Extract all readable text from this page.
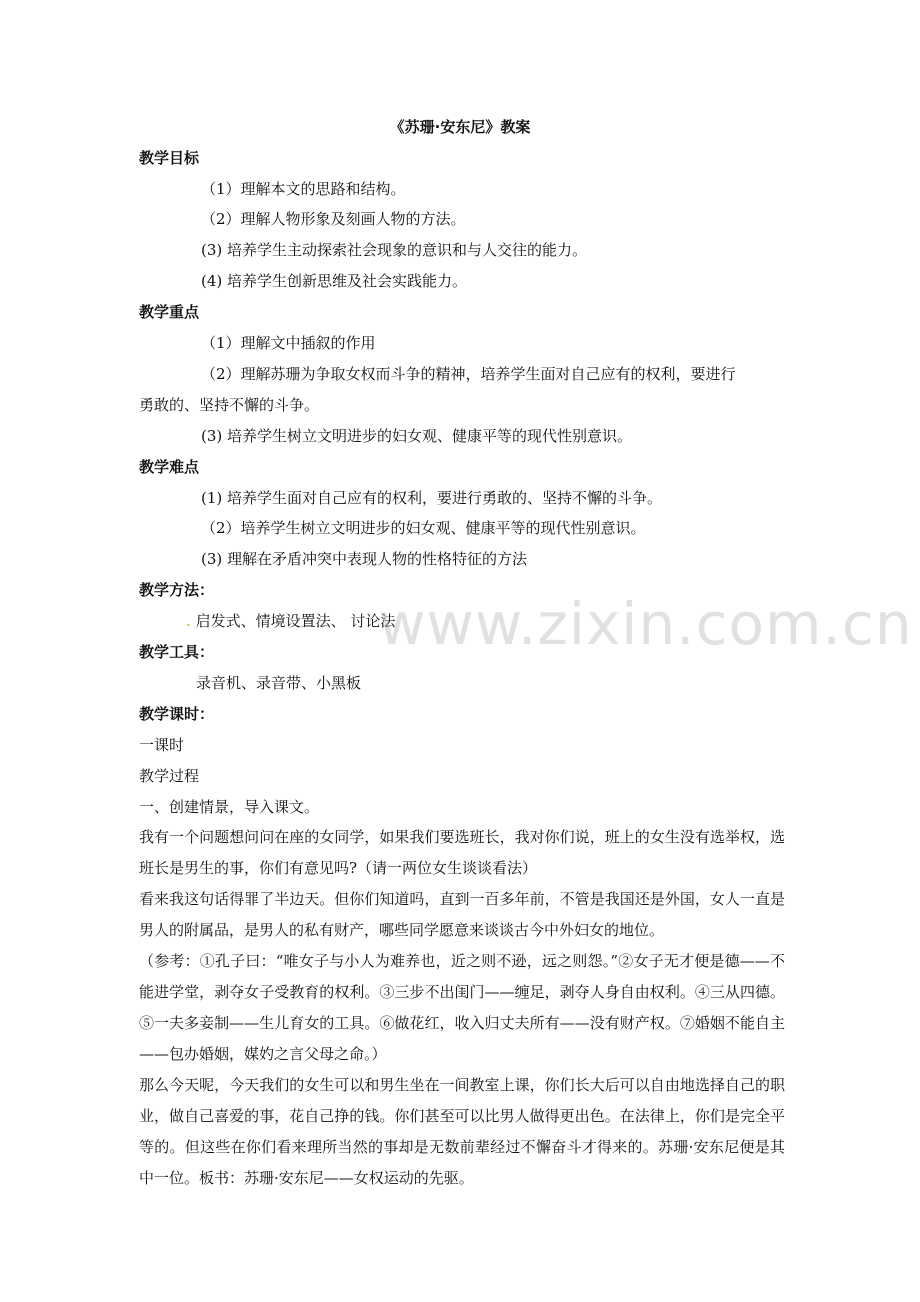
《苏珊·安东尼》教案
教学目标
（1）理解本文的思路和结构。
（2）理解人物形象及刻画人物的方法。
(3) 培养学生主动探索社会现象的意识和与人交往的能力。
(4) 培养学生创新思维及社会实践能力。
教学重点
（1）理解文中插叙的作用
（2）理解苏珊为争取女权而斗争的精神，培养学生面对自己应有的权利，要进行
勇敢的、坚持不懈的斗争。
(3) 培养学生树立文明进步的妇女观、健康平等的现代性别意识。
教学难点
(1) 培养学生面对自己应有的权利，要进行勇敢的、坚持不懈的斗争。
（2）培养学生树立文明进步的妇女观、健康平等的现代性别意识。
(3) 理解在矛盾冲突中表现人物的性格特征的方法
教学方法：
. 启发式、情境设置法、 讨论法
教学工具：
录音机、录音带、小黑板
教学课时：
一课时
教学过程
一、创建情景，导入课文。
我有一个问题想问问在座的女同学，如果我们要选班长，我对你们说，班上的女生没有选举权，选班长是男生的事，你们有意见吗?（请一两位女生谈谈看法）
看来我这句话得罪了半边天。但你们知道吗，直到一百多年前，不管是我国还是外国，女人一直是男人的附属品，是男人的私有财产，哪些同学愿意来谈谈古今中外妇女的地位。
（参考：①孔子曰：“唯女子与小人为难养也，近之则不逊，远之则怨。”②女子无才便是德——不能进学堂，剥夺女子受教育的权利。③三步不出闺门——缠足，剥夺人身自由权利。④三从四德。⑤一夫多妾制——生儿育女的工具。⑥做花红，收入归丈夫所有——没有财产权。⑦婚姻不能自主——包办婚姻，媒妁之言父母之命。）
那么今天呢，今天我们的女生可以和男生坐在一间教室上课，你们长大后可以自由地选择自己的职业，做自己喜爱的事，花自己挣的钱。你们甚至可以比男人做得更出色。在法律上，你们是完全平等的。但这些在你们看来理所当然的事却是无数前辈经过不懈奋斗才得来的。苏珊·安东尼便是其中一位。板书：苏珊·安东尼——女权运动的先驱。
www.zixin.com.cn
